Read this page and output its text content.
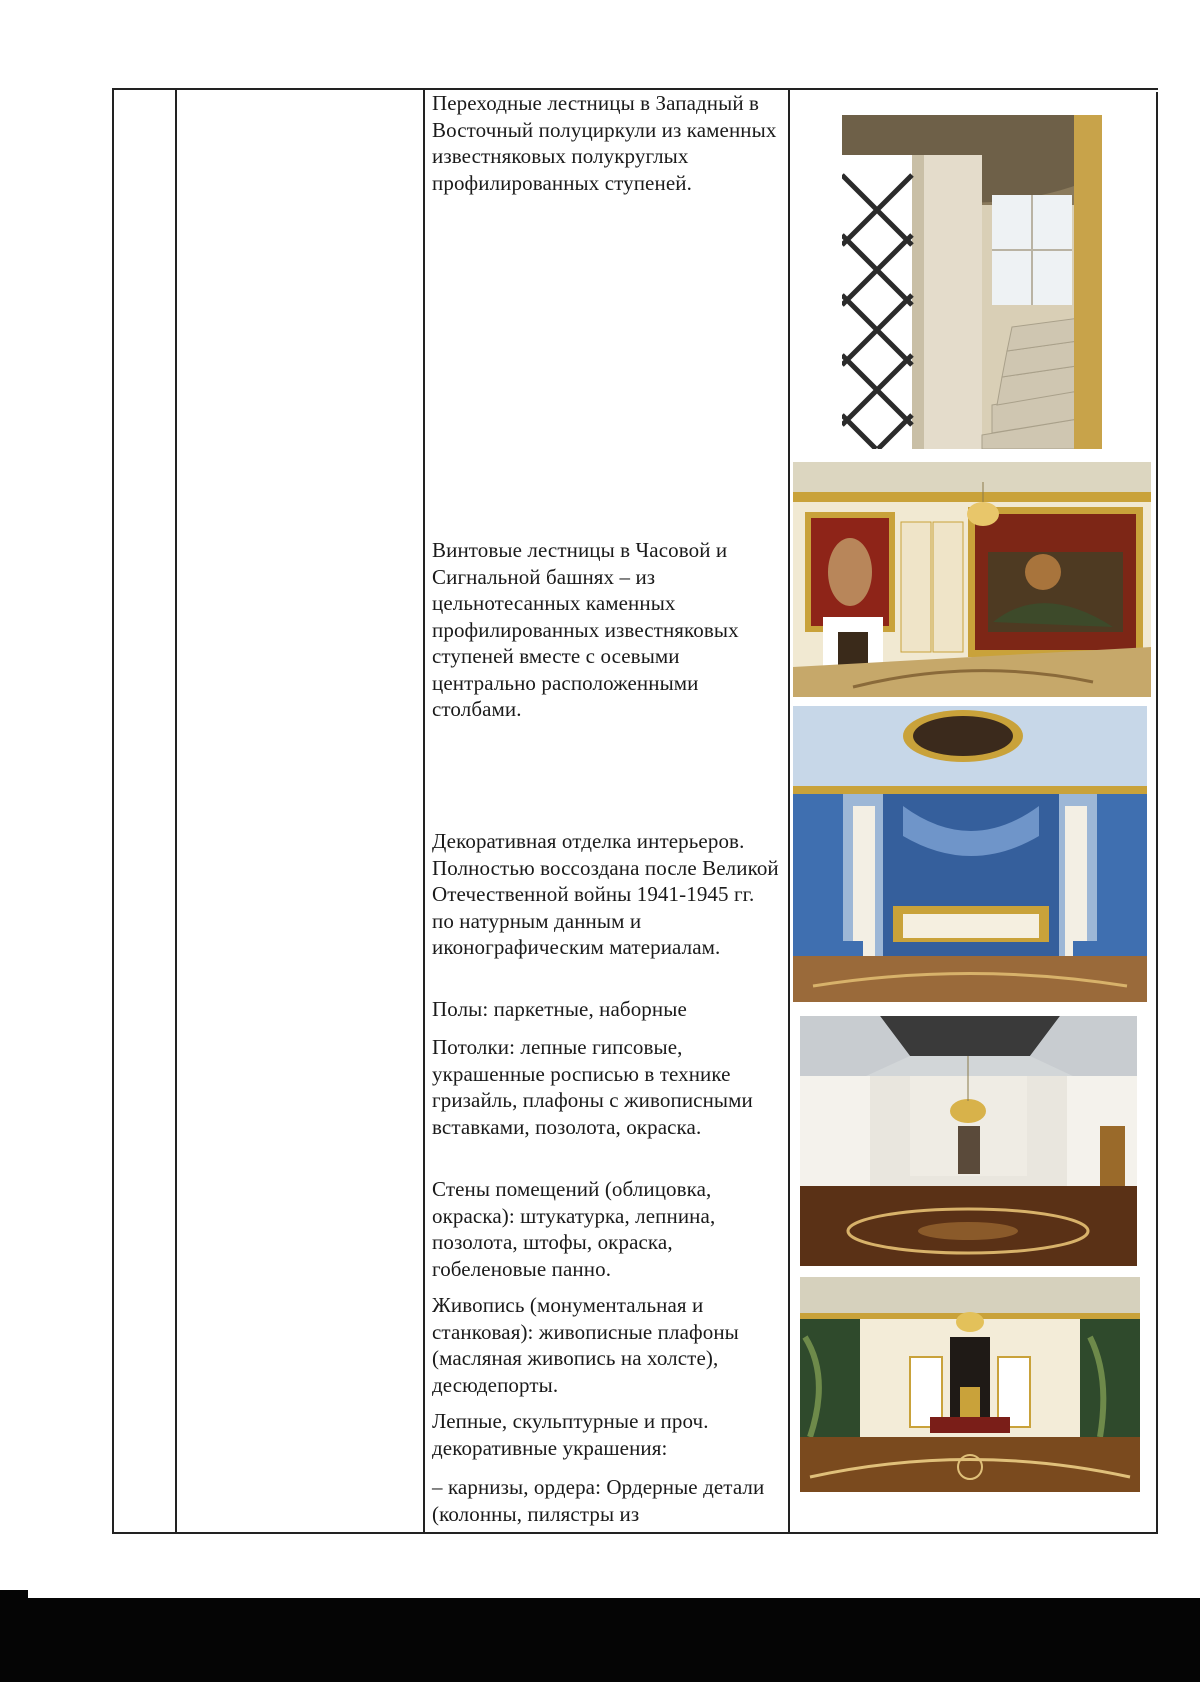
Переходные лестницы в Западный в Восточный полуциркули из каменных известняковых полукруглых профилированных ступеней.

Винтовые лестницы в Часовой и Сигнальной башнях – из цельнотесанных каменных профилированных известняковых ступеней вместе с осевыми центрально расположенными столбами.

Декоративная отделка интерьеров. Полностью воссоздана после Великой Отечественной войны 1941-1945 гг. по натурным данным и иконографическим материалам.

Полы: паркетные, наборные

Потолки: лепные гипсовые, украшенные росписью в технике гризайль, плафоны с живописными вставками, позолота, окраска.

Стены помещений (облицовка, окраска): штукатурка, лепнина, позолота, штофы, окраска, гобеленовые панно.

Живопись (монументальная и станковая): живописные плафоны (масляная живопись на холсте), десюдепорты.

Лепные, скульптурные и проч. декоративные украшения:

– карнизы, ордера: Ордерные детали (колонны, пилястры из
